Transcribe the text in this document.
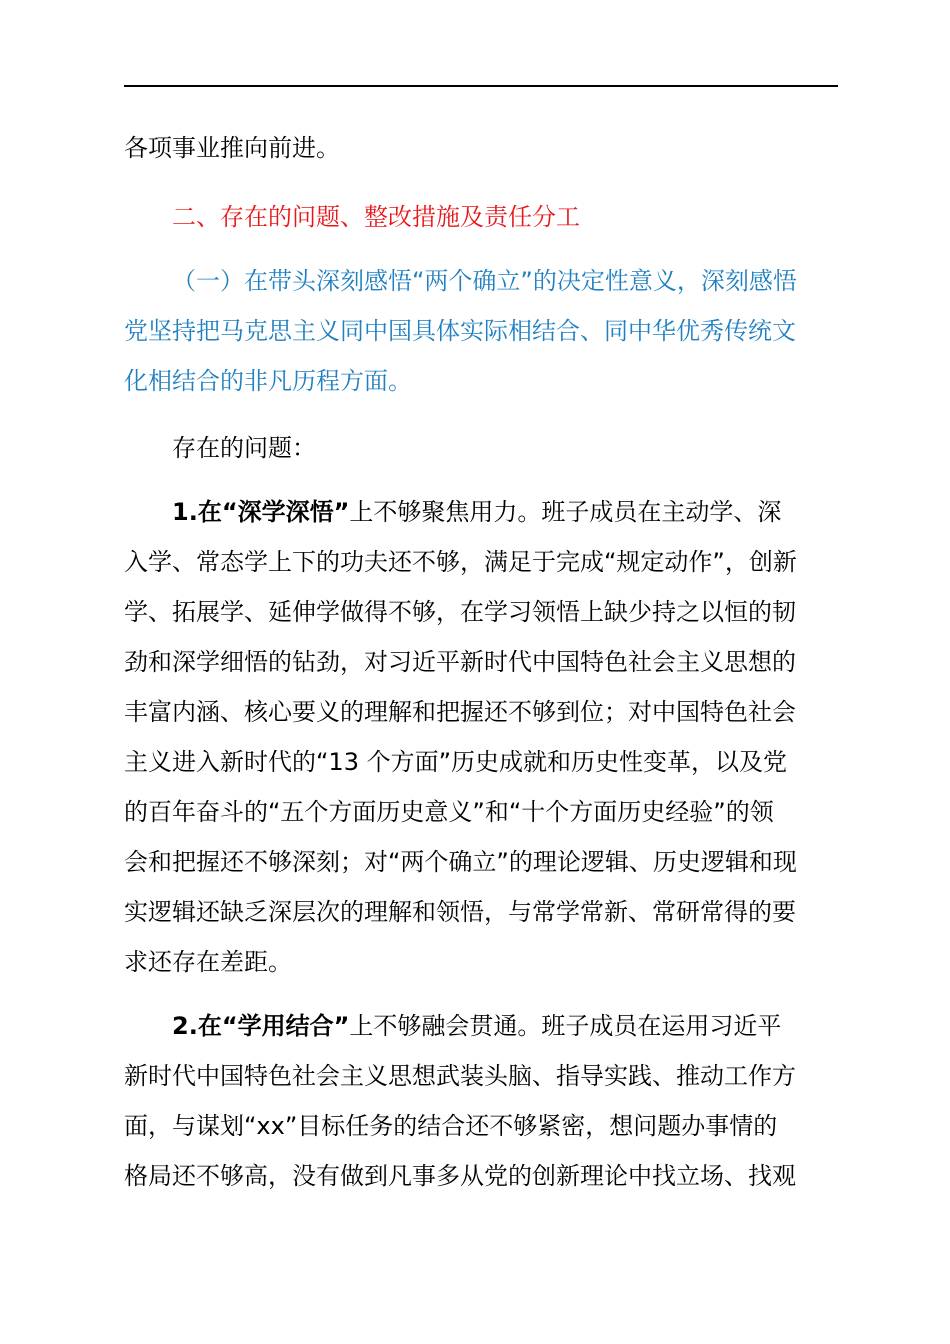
各项事业推向前进。
二、存在的问题、整改措施及责任分工
（一）在带头深刻感悟“两个确立”的决定性意义，深刻感悟
党坚持把马克思主义同中国具体实际相结合、同中华优秀传统文
化相结合的非凡历程方面。
存在的问题：
1.在“深学深悟”上不够聚焦用力。班子成员在主动学、深
入学、常态学上下的功夫还不够，满足于完成“规定动作”，创新
学、拓展学、延伸学做得不够，在学习领悟上缺少持之以恒的韧
劲和深学细悟的钻劲，对习近平新时代中国特色社会主义思想的
丰富内涵、核心要义的理解和把握还不够到位；对中国特色社会
主义进入新时代的“13 个方面”历史成就和历史性变革，以及党
的百年奋斗的“五个方面历史意义”和“十个方面历史经验”的领
会和把握还不够深刻；对“两个确立”的理论逻辑、历史逻辑和现
实逻辑还缺乏深层次的理解和领悟，与常学常新、常研常得的要
求还存在差距。
2.在“学用结合”上不够融会贯通。班子成员在运用习近平
新时代中国特色社会主义思想武装头脑、指导实践、推动工作方
面，与谋划“xx”目标任务的结合还不够紧密，想问题办事情的
格局还不够高，没有做到凡事多从党的创新理论中找立场、找观
